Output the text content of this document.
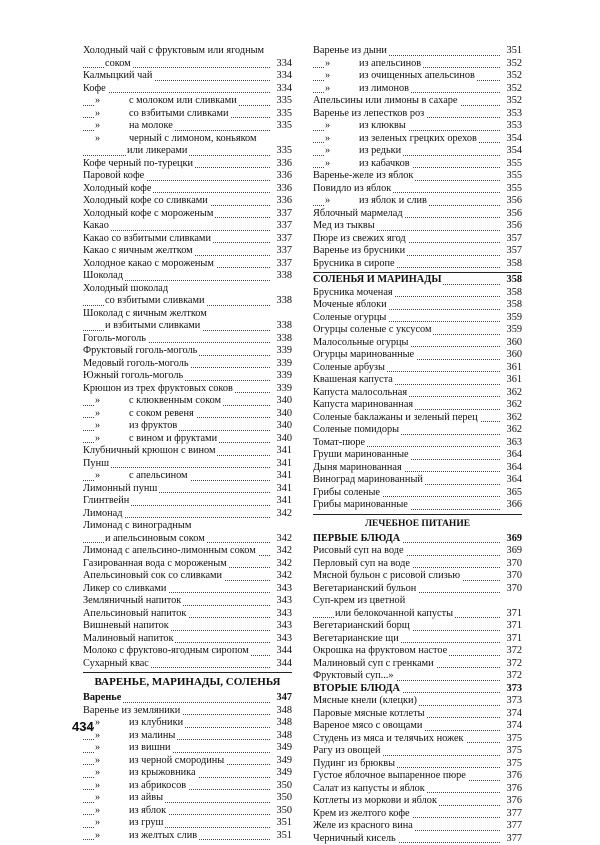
Холодный чай с фруктовым или ягодным
соком	334
Калмыцкий чай	334
Кофе	334
»	с молоком или сливками	335
»	со взбитыми сливками	335
»	на молоке	335
»	черный с лимоном, коньяком
или ликерами	335
Кофе черный по-турецки	336
Паровой кофе	336
Холодный кофе	336
Холодный кофе со сливками	336
Холодный кофе с мороженым	337
Какао	337
Какао со взбитыми сливками	337
Какао с яичным желтком	337
Холодное какао с мороженым	337
Шоколад	338
Холодный шоколад
со взбитыми сливками	338
Шоколад с яичным желтком
и взбитыми сливками	338
Гоголь-моголь	338
Фруктовый гоголь-моголь	339
Медовый гоголь-моголь	339
Южный гоголь-моголь	339
Крюшон из трех фруктовых соков	339
»	с клюквенным соком	340
»	с соком ревеня	340
»	из фруктов	340
»	с вином и фруктами	340
Клубничный крюшон с вином	341
Пунш	341
»	с апельсином	341
Лимонный пунш	341
Глинтвейн	341
Лимонад	342
Лимонад с виноградным
и апельсиновым соком	342
Лимонад с апельсино-лимонным соком 342
Газированная вода с мороженым	342
Апельсиновый сок со сливками	342
Ликер со сливками	343
Земляничный напиток	343
Апельсиновый напиток	343
Вишневый напиток	343
Малиновый напиток	343
Молоко с фруктово-ягодным сиропом	344
Сухарный квас	344
ВАРЕНЬЕ, МАРИНАДЫ, СОЛЕНЬЯ
Варенье	347
Варенье из земляники	348
»	из клубники	348
»	из малины	348
»	из вишни	349
»	из черной смородины	349
»	из крыжовника	349
»	из абрикосов	350
»	из айвы	350
»	из яблок	350
»	из груш	351
»	из желтых слив	351
Варенье из дыни	351
»	из апельсинов	352
»	из очищенных апельсинов	352
»	из лимонов	352
Апельсины или лимоны в сахаре	352
Варенье из лепестков роз	353
»	из клюквы	353
»	из зеленых грецких орехов	354
»	из редьки	354
»	из кабачков	355
Варенье-желе из яблок	355
Повидло из яблок	355
»	из яблок и слив	356
Яблочный мармелад	356
Мед из тыквы	356
Пюре из свежих ягод	357
Варенье из брусники	357
Брусника в сиропе	358
СОЛЕНЬЯ И МАРИНАДЫ	358
Брусника моченая	358
Моченые яблоки	358
Соленые огурцы	359
Огурцы соленые с уксусом	359
Малосольные огурцы	360
Огурцы маринованные	360
Соленые арбузы	361
Квашеная капуста	361
Капуста малосольная	362
Капуста маринованная	362
Соленые баклажаны и зеленый перец	362
Соленые помидоры	362
Томат-пюре	363
Груши маринованные	364
Дыня маринованная	364
Виноград маринованный	364
Грибы соленые	365
Грибы маринованные	366
ЛЕЧЕБНОЕ ПИТАНИЕ
ПЕРВЫЕ БЛЮДА	369
Рисовый суп на воде	369
Перловый суп на воде	370
Мясной бульон с рисовой слизью	370
Вегетарианский бульон	370
Суп-крем из цветной
или белокочанной капусты	371
Вегетарианский борщ	371
Вегетарианские щи	371
Окрошка на фруктовом настое	372
Малиновый суп с гренками	372
Фруктовый суп...»	372
ВТОРЫЕ БЛЮДА	373
Мясные кнели (клецки)	373
Паровые мясные котлеты	374
Вареное мясо с овощами	374
Студень из мяса и телячьих ножек	375
Рагу из овощей	375
Пудинг из брюквы	375
Густое яблочное выпаренное пюре	376
Салат из капусты и яблок	376
Котлеты из моркови и яблок	376
Крем из желтого кофе	377
Желе из красного вина	377
Черничный кисель	377
434
